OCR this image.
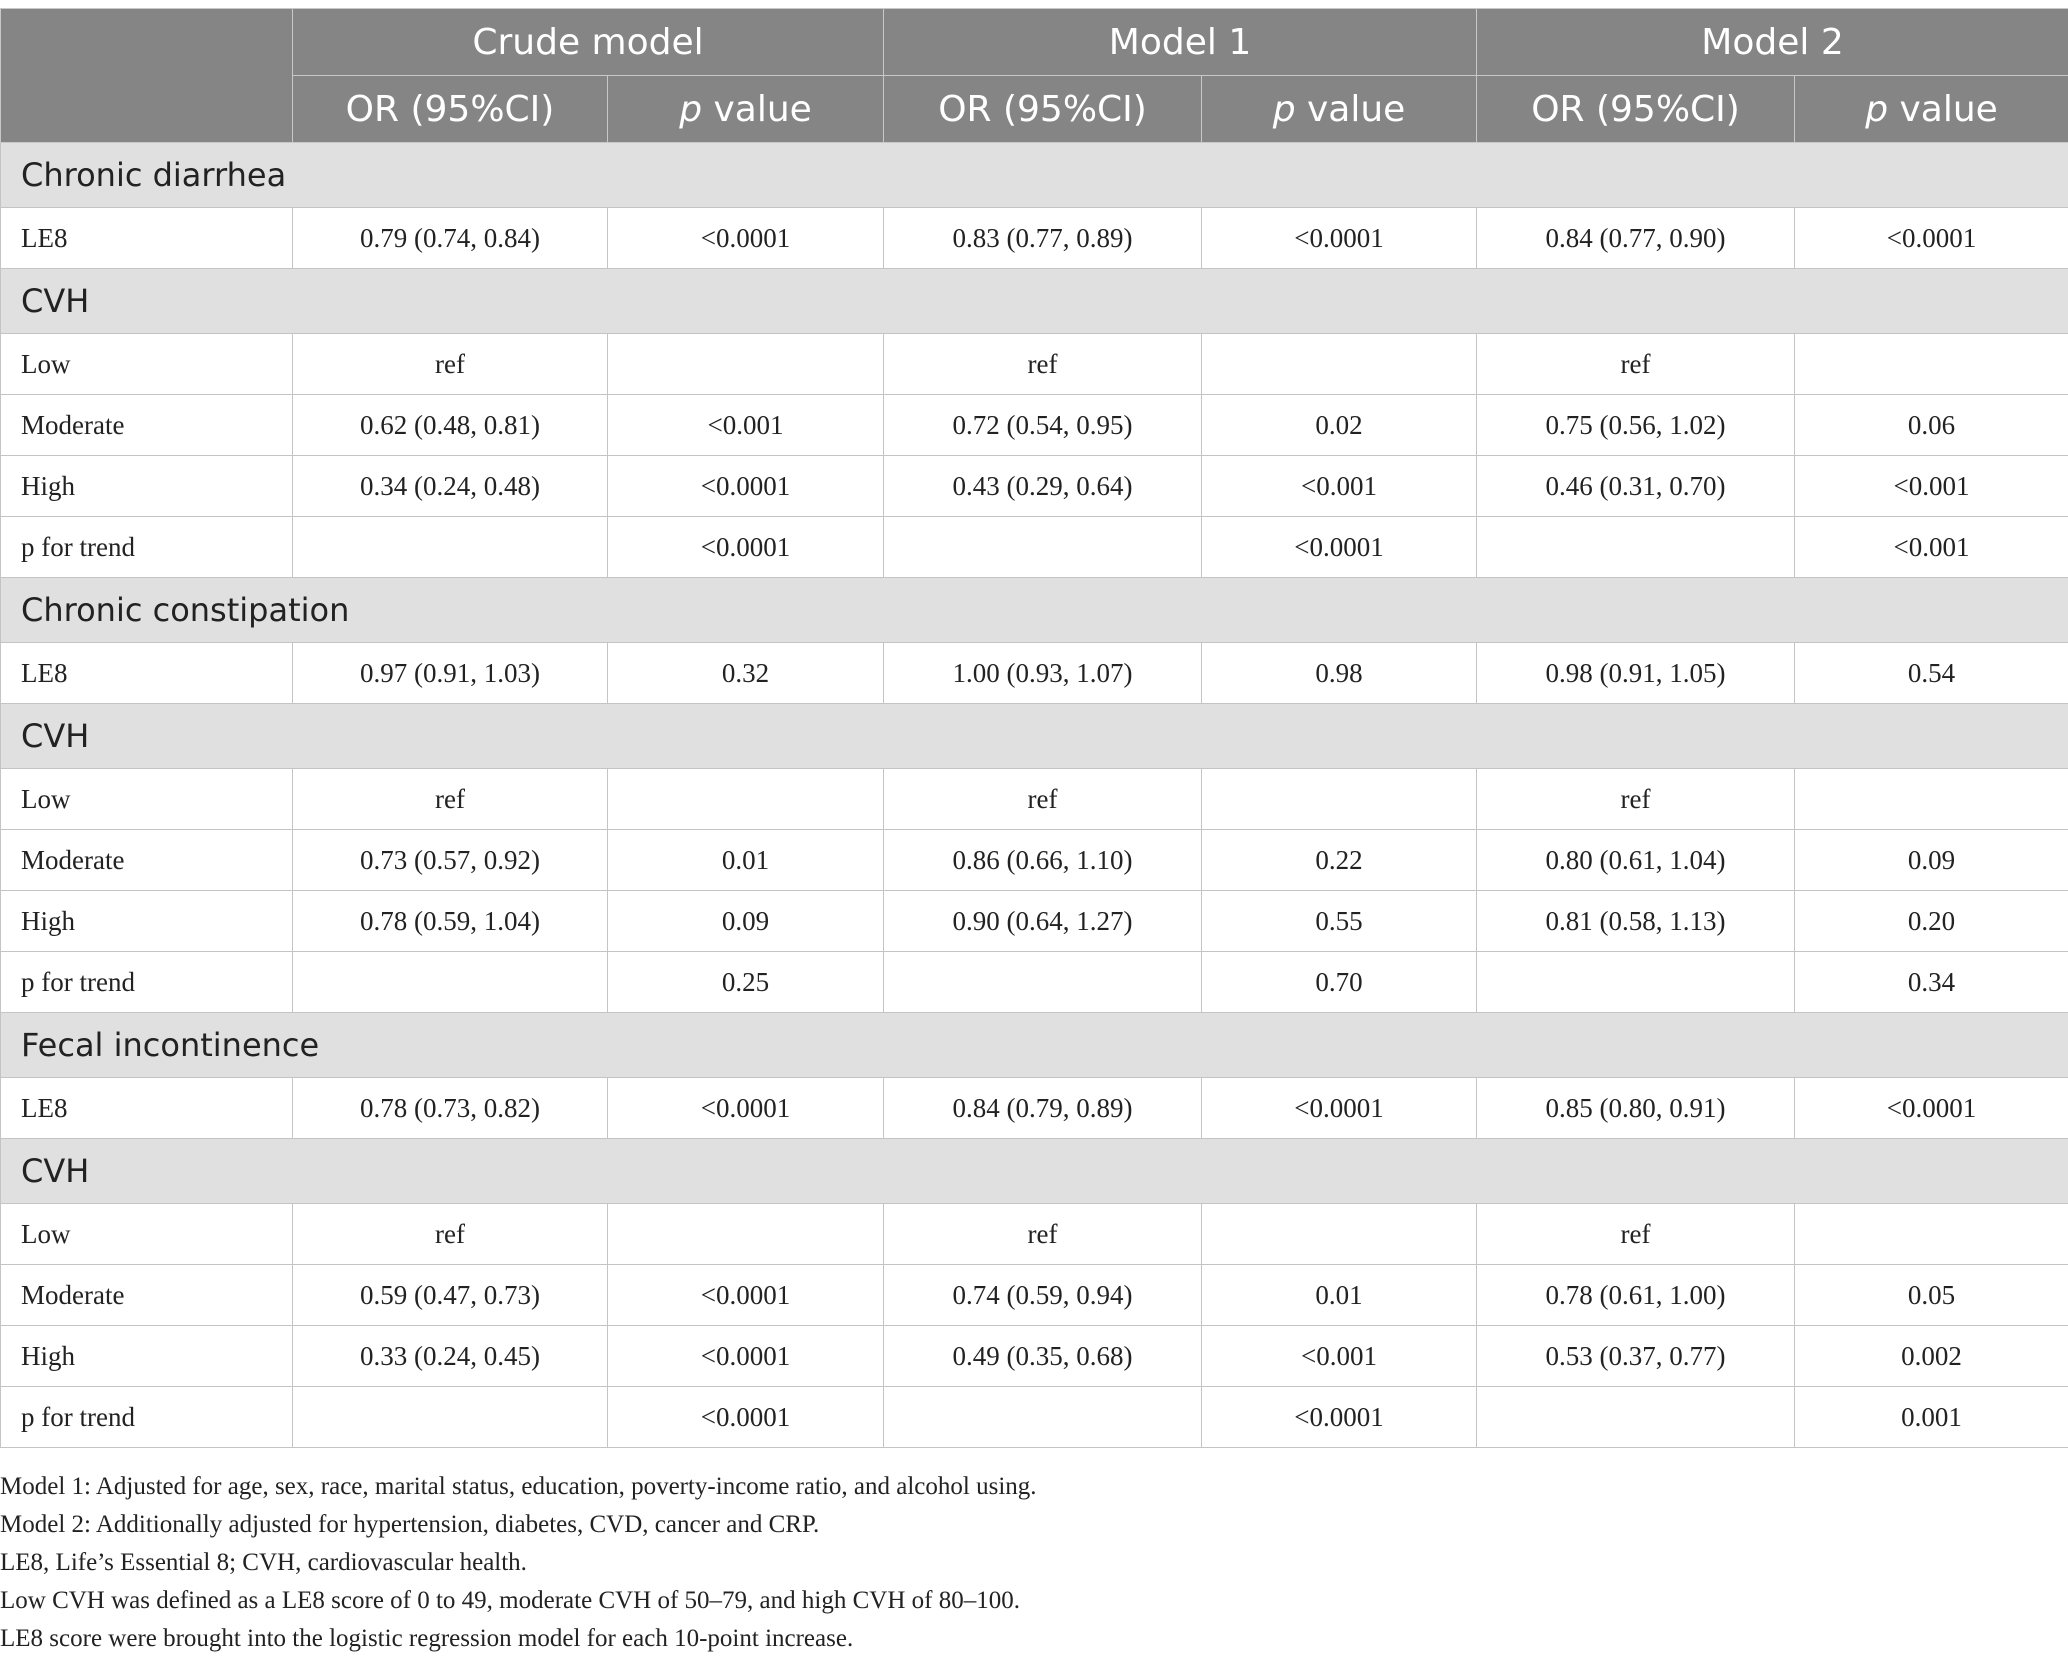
	Crude model		Model 1		Model 2	
	OR (95%CI)	p value	OR (95%CI)	p value	OR (95%CI)	p value
Chronic diarrhea						
LE8	0.79 (0.74, 0.84)	<0.0001	0.83 (0.77, 0.89)	<0.0001	0.84 (0.77, 0.90)	<0.0001
CVH						
Low	ref		ref		ref	
Moderate	0.62 (0.48, 0.81)	<0.001	0.72 (0.54, 0.95)	0.02	0.75 (0.56, 1.02)	0.06
High	0.34 (0.24, 0.48)	<0.0001	0.43 (0.29, 0.64)	<0.001	0.46 (0.31, 0.70)	<0.001
p for trend		<0.0001		<0.0001		<0.001
Chronic constipation						
LE8	0.97 (0.91, 1.03)	0.32	1.00 (0.93, 1.07)	0.98	0.98 (0.91, 1.05)	0.54
CVH						
Low	ref		ref		ref	
Moderate	0.73 (0.57, 0.92)	0.01	0.86 (0.66, 1.10)	0.22	0.80 (0.61, 1.04)	0.09
High	0.78 (0.59, 1.04)	0.09	0.90 (0.64, 1.27)	0.55	0.81 (0.58, 1.13)	0.20
p for trend		0.25		0.70		0.34
Fecal incontinence						
LE8	0.78 (0.73, 0.82)	<0.0001	0.84 (0.79, 0.89)	<0.0001	0.85 (0.80, 0.91)	<0.0001
CVH						
Low	ref		ref		ref	
Moderate	0.59 (0.47, 0.73)	<0.0001	0.74 (0.59, 0.94)	0.01	0.78 (0.61, 1.00)	0.05
High	0.33 (0.24, 0.45)	<0.0001	0.49 (0.35, 0.68)	<0.001	0.53 (0.37, 0.77)	0.002
p for trend		<0.0001		<0.0001		0.001

Model 1: Adjusted for age, sex, race, marital status, education, poverty-income ratio, and alcohol using.

Model 2: Additionally adjusted for hypertension, diabetes, CVD, cancer and CRP.

LE8, Life’s Essential 8; CVH, cardiovascular health.

Low CVH was defined as a LE8 score of 0 to 49, moderate CVH of 50–79, and high CVH of 80–100.

LE8 score were brought into the logistic regression model for each 10-point increase.
